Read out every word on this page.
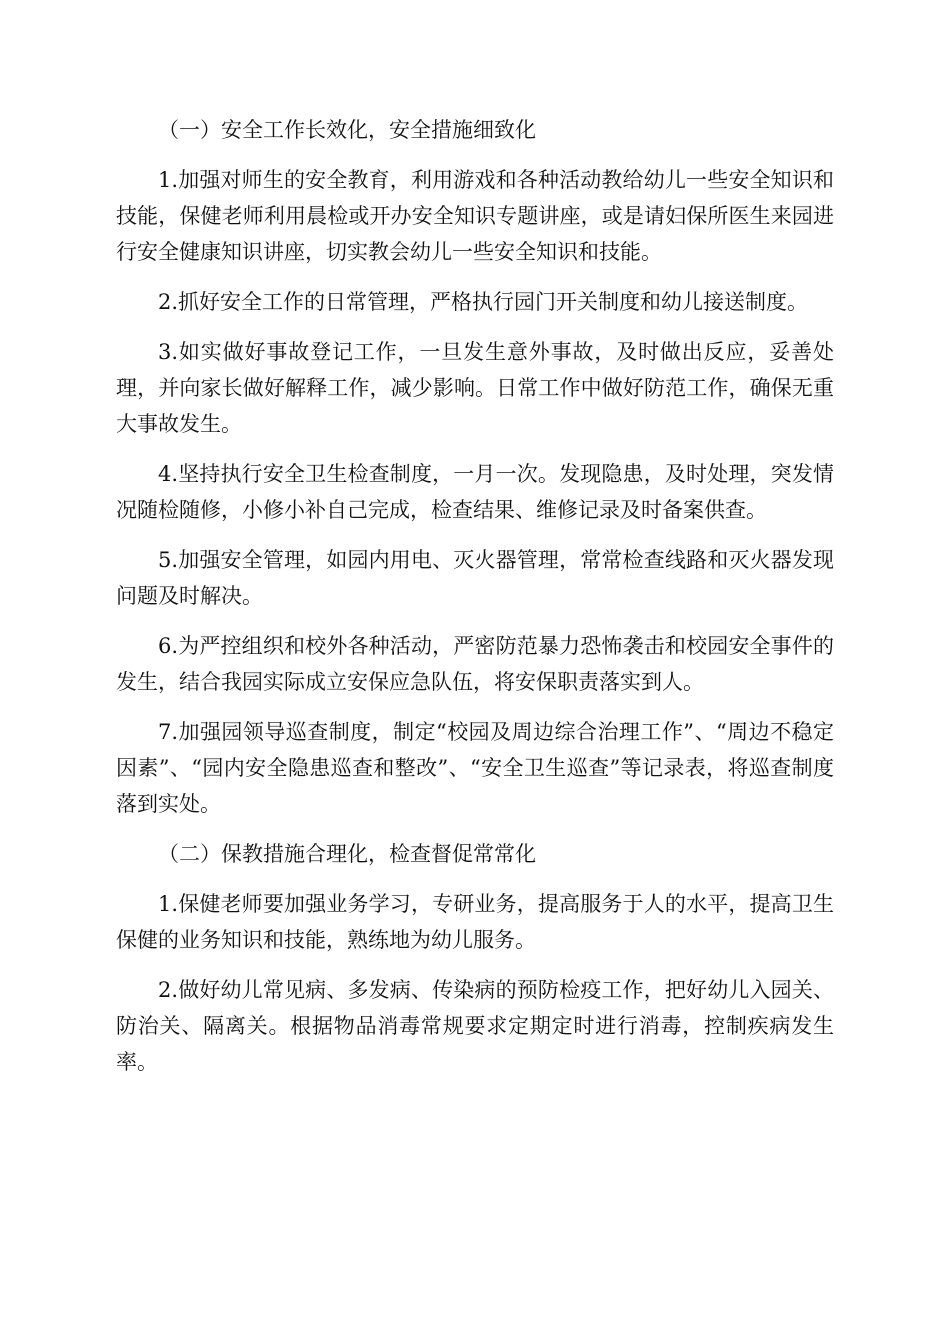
（一）安全工作长效化，安全措施细致化

1.加强对师生的安全教育，利用游戏和各种活动教给幼儿一些安全知识和技能，保健老师利用晨检或开办安全知识专题讲座，或是请妇保所医生来园进行安全健康知识讲座，切实教会幼儿一些安全知识和技能。

2.抓好安全工作的日常管理，严格执行园门开关制度和幼儿接送制度。

3.如实做好事故登记工作，一旦发生意外事故，及时做出反应，妥善处理，并向家长做好解释工作，减少影响。日常工作中做好防范工作，确保无重大事故发生。

4.坚持执行安全卫生检查制度，一月一次。发现隐患，及时处理，突发情况随检随修，小修小补自己完成，检查结果、维修记录及时备案供查。

5.加强安全管理，如园内用电、灭火器管理，常常检查线路和灭火器发现问题及时解决。

6.为严控组织和校外各种活动，严密防范暴力恐怖袭击和校园安全事件的发生，结合我园实际成立安保应急队伍，将安保职责落实到人。

7.加强园领导巡查制度，制定“校园及周边综合治理工作”、“周边不稳定因素”、“园内安全隐患巡查和整改”、“安全卫生巡查”等记录表，将巡查制度落到实处。

（二）保教措施合理化，检查督促常常化

1.保健老师要加强业务学习，专研业务，提高服务于人的水平，提高卫生保健的业务知识和技能，熟练地为幼儿服务。

2.做好幼儿常见病、多发病、传染病的预防检疫工作，把好幼儿入园关、防治关、隔离关。根据物品消毒常规要求定期定时进行消毒，控制疾病发生率。
